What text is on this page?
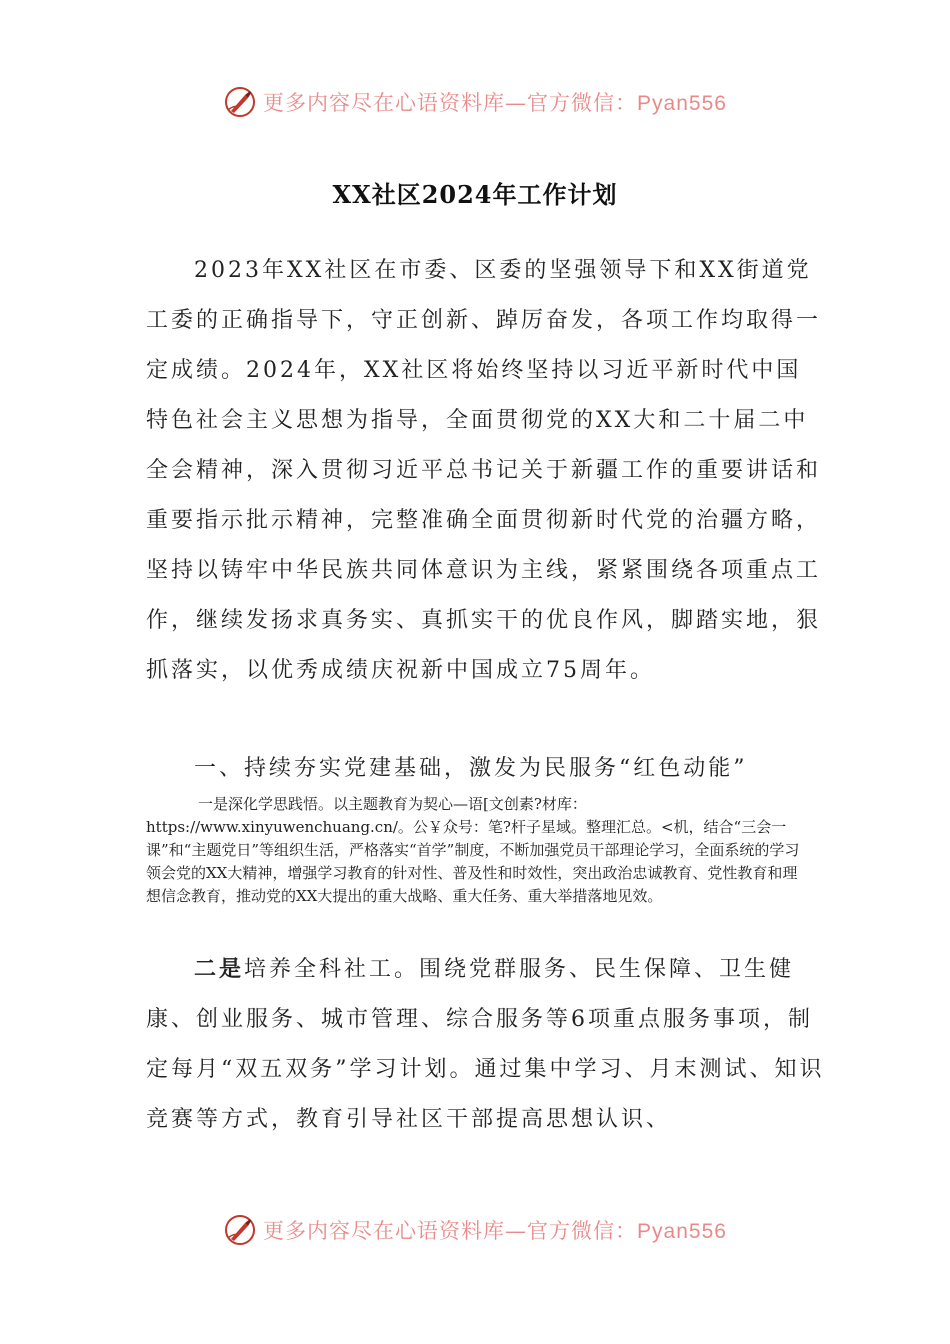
更多内容尽在心语资料库—官方微信：Pyan556
XX社区2024年工作计划
2023年XX社区在市委、区委的坚强领导下和XX街道党工委的正确指导下，守正创新、踔厉奋发，各项工作均取得一定成绩。2024年，XX社区将始终坚持以习近平新时代中国特色社会主义思想为指导，全面贯彻党的XX大和二十届二中全会精神，深入贯彻习近平总书记关于新疆工作的重要讲话和重要指示批示精神，完整准确全面贯彻新时代党的治疆方略，坚持以铸牢中华民族共同体意识为主线，紧紧围绕各项重点工作，继续发扬求真务实、真抓实干的优良作风，脚踏实地，狠抓落实，以优秀成绩庆祝新中国成立75周年。
一、持续夯实党建基础，激发为民服务“红色动能”
一是深化学思践悟。以主题教育为契心—语[文创素?材库：https://www.xinyuwenchuang.cn/。公￥众号：笔?杆子星域。整理汇总。<机，结合“三会一课”和“主题党日”等组织生活，严格落实“首学”制度，不断加强党员干部理论学习，全面系统的学习领会党的XX大精神，增强学习教育的针对性、普及性和时效性，突出政治忠诚教育、党性教育和理想信念教育，推动党的XX大提出的重大战略、重大任务、重大举措落地见效。
二是培养全科社工。围绕党群服务、民生保障、卫生健康、创业服务、城市管理、综合服务等6项重点服务事项，制定每月“双五双务”学习计划。通过集中学习、月末测试、知识竞赛等方式，教育引导社区干部提高思想认识、
更多内容尽在心语资料库—官方微信：Pyan556
